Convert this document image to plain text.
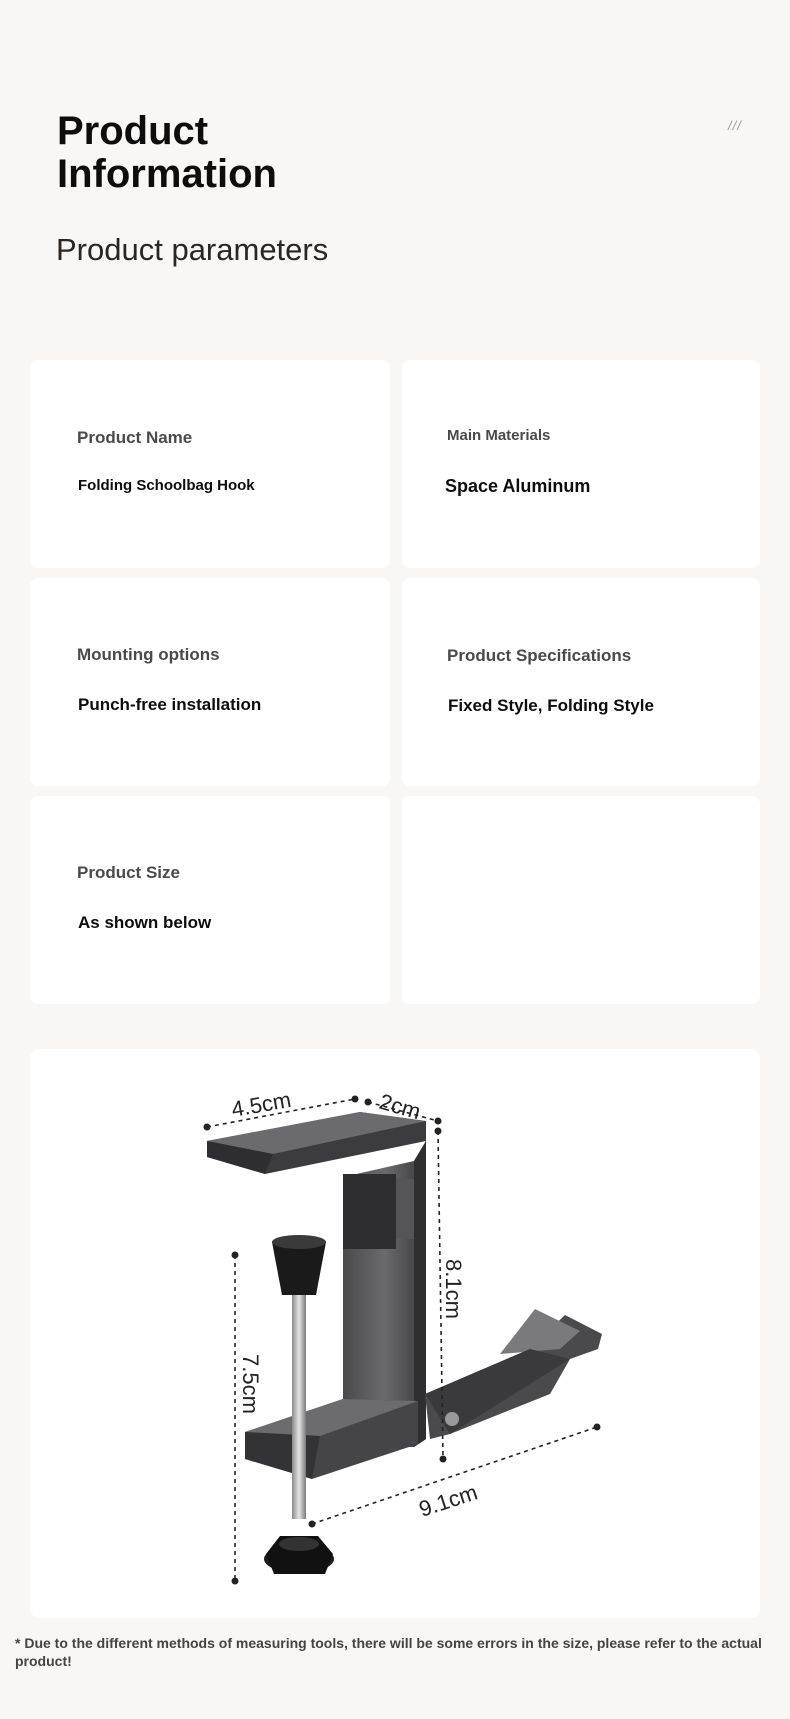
Product
Information
///
Product parameters
Product Name
Folding Schoolbag Hook
Main Materials
Space Aluminum
Mounting options
Punch-free installation
Product Specifications
Fixed Style, Folding Style
Product Size
As shown below
4.5cm	2cm
8.1cm
7.5cm
9.1cm
* Due to the different methods of measuring tools, there will be some errors in the size, please refer to the actual product!
